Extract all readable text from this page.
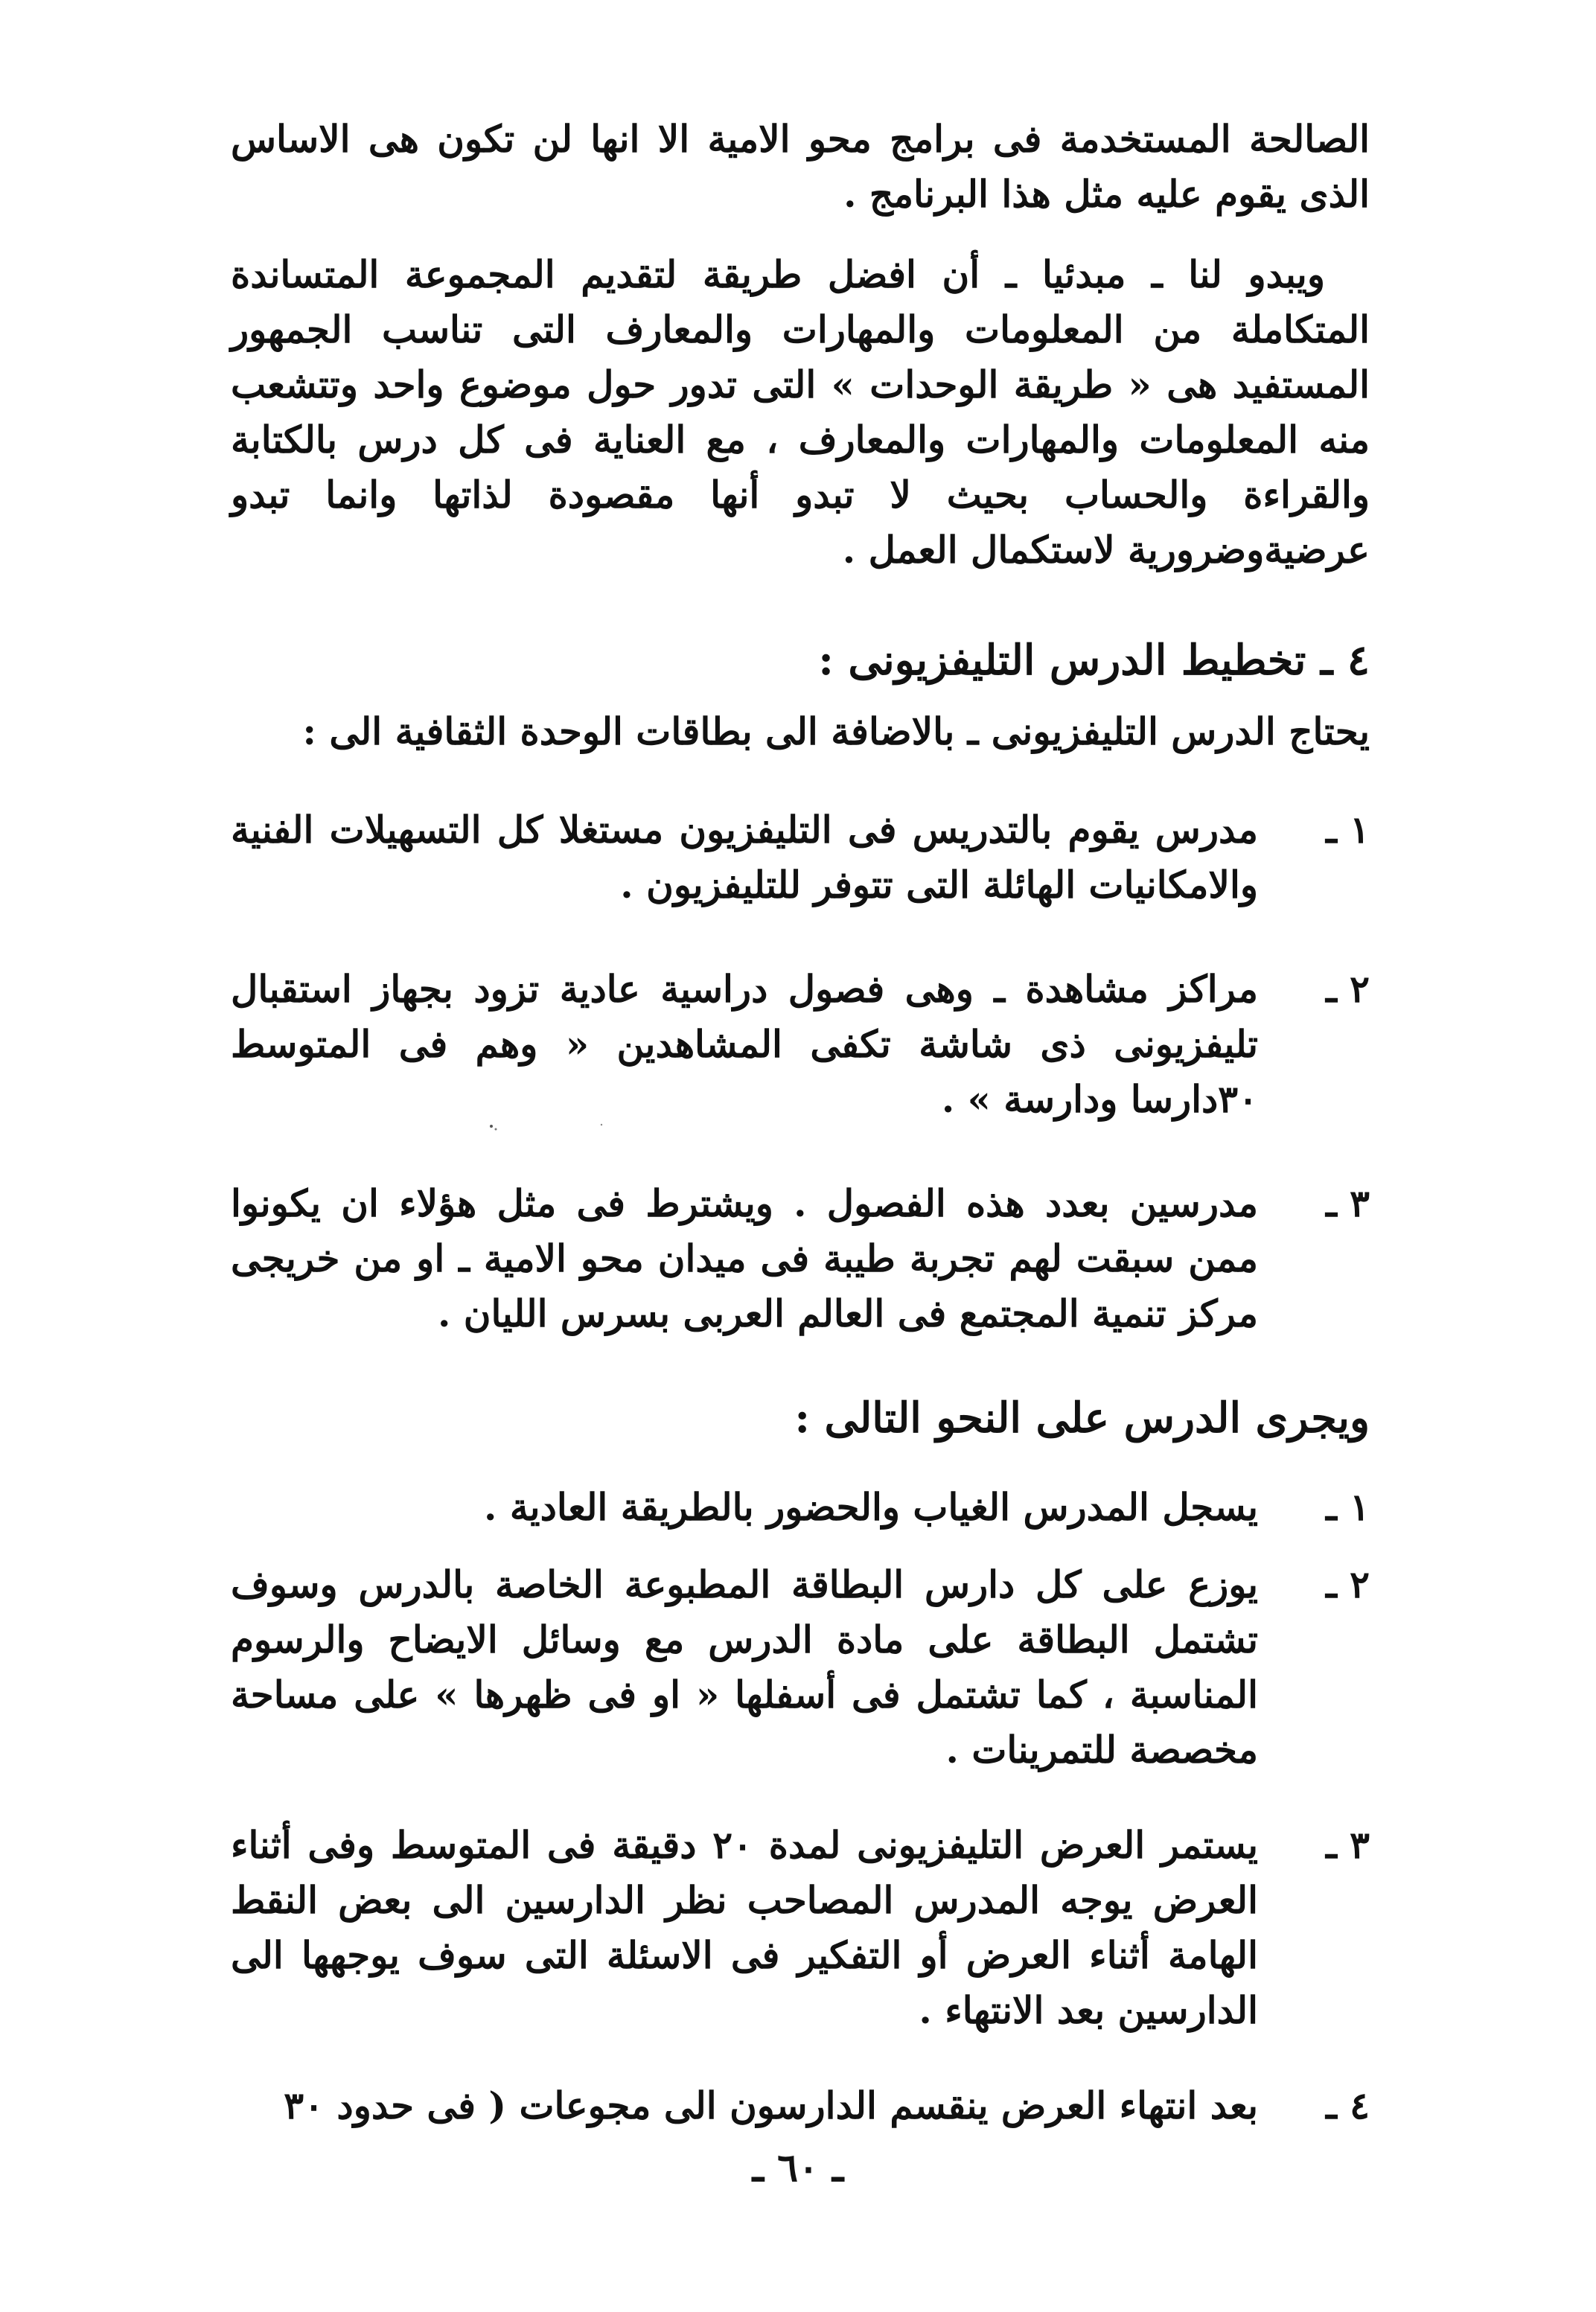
الصالحة المستخدمة فى برامج محو الامية الا انها لن تكون هى الاساس الذى يقوم عليه مثل هذا البرنامج .

ويبدو لنا ـ مبدئيا ـ أن افضل طريقة لتقديم المجموعة المتساندة المتكاملة من المعلومات والمهارات والمعارف التى تناسب الجمهور المستفيد هى « طريقة الوحدات » التى تدور حول موضوع واحد وتتشعب منه المعلومات والمهارات والمعارف ، مع العناية فى كل درس بالكتابة والقراءة والحساب بحيث لا تبدو أنها مقصودة لذاتها وانما تبدو عرضيةوضرورية لاستكمال العمل .

٤ ـ تخطيط الدرس التليفزيونى :

يحتاج الدرس التليفزيونى ـ بالاضافة الى بطاقات الوحدة الثقافية الى :

١ ـ
مدرس يقوم بالتدريس فى التليفزيون مستغلا كل التسهيلات الفنية والامكانيات الهائلة التى تتوفر للتليفزيون .
٢ ـ
مراكز مشاهدة ـ وهى فصول دراسية عادية تزود بجهاز استقبال تليفزيونى ذى شاشة تكفى المشاهدين « وهم فى المتوسط ٣٠دارسا ودارسة » .
٣ ـ
مدرسين بعدد هذه الفصول . ويشترط فى مثل هؤلاء ان يكونوا ممن سبقت لهم تجربة طيبة فى ميدان محو الامية ـ او من خريجى مركز تنمية المجتمع فى العالم العربى بسرس الليان .

ويجرى الدرس على النحو التالى :

١ ـ
يسجل المدرس الغياب والحضور بالطريقة العادية .
٢ ـ
يوزع على كل دارس البطاقة المطبوعة الخاصة بالدرس وسوف تشتمل البطاقة على مادة الدرس مع وسائل الايضاح والرسوم المناسبة ، كما تشتمل فى أسفلها « او فى ظهرها » على مساحة مخصصة للتمرينات .
٣ ـ
يستمر العرض التليفزيونى لمدة ٢٠ دقيقة فى المتوسط وفى أثناء العرض يوجه المدرس المصاحب نظر الدارسين الى بعض النقط الهامة أثناء العرض أو التفكير فى الاسئلة التى سوف يوجهها الى الدارسين بعد الانتهاء .
٤ ـ
بعد انتهاء العرض ينقسم الدارسون الى مجوعات ( فى حدود ٣٠
ـ ٦٠ ـ
